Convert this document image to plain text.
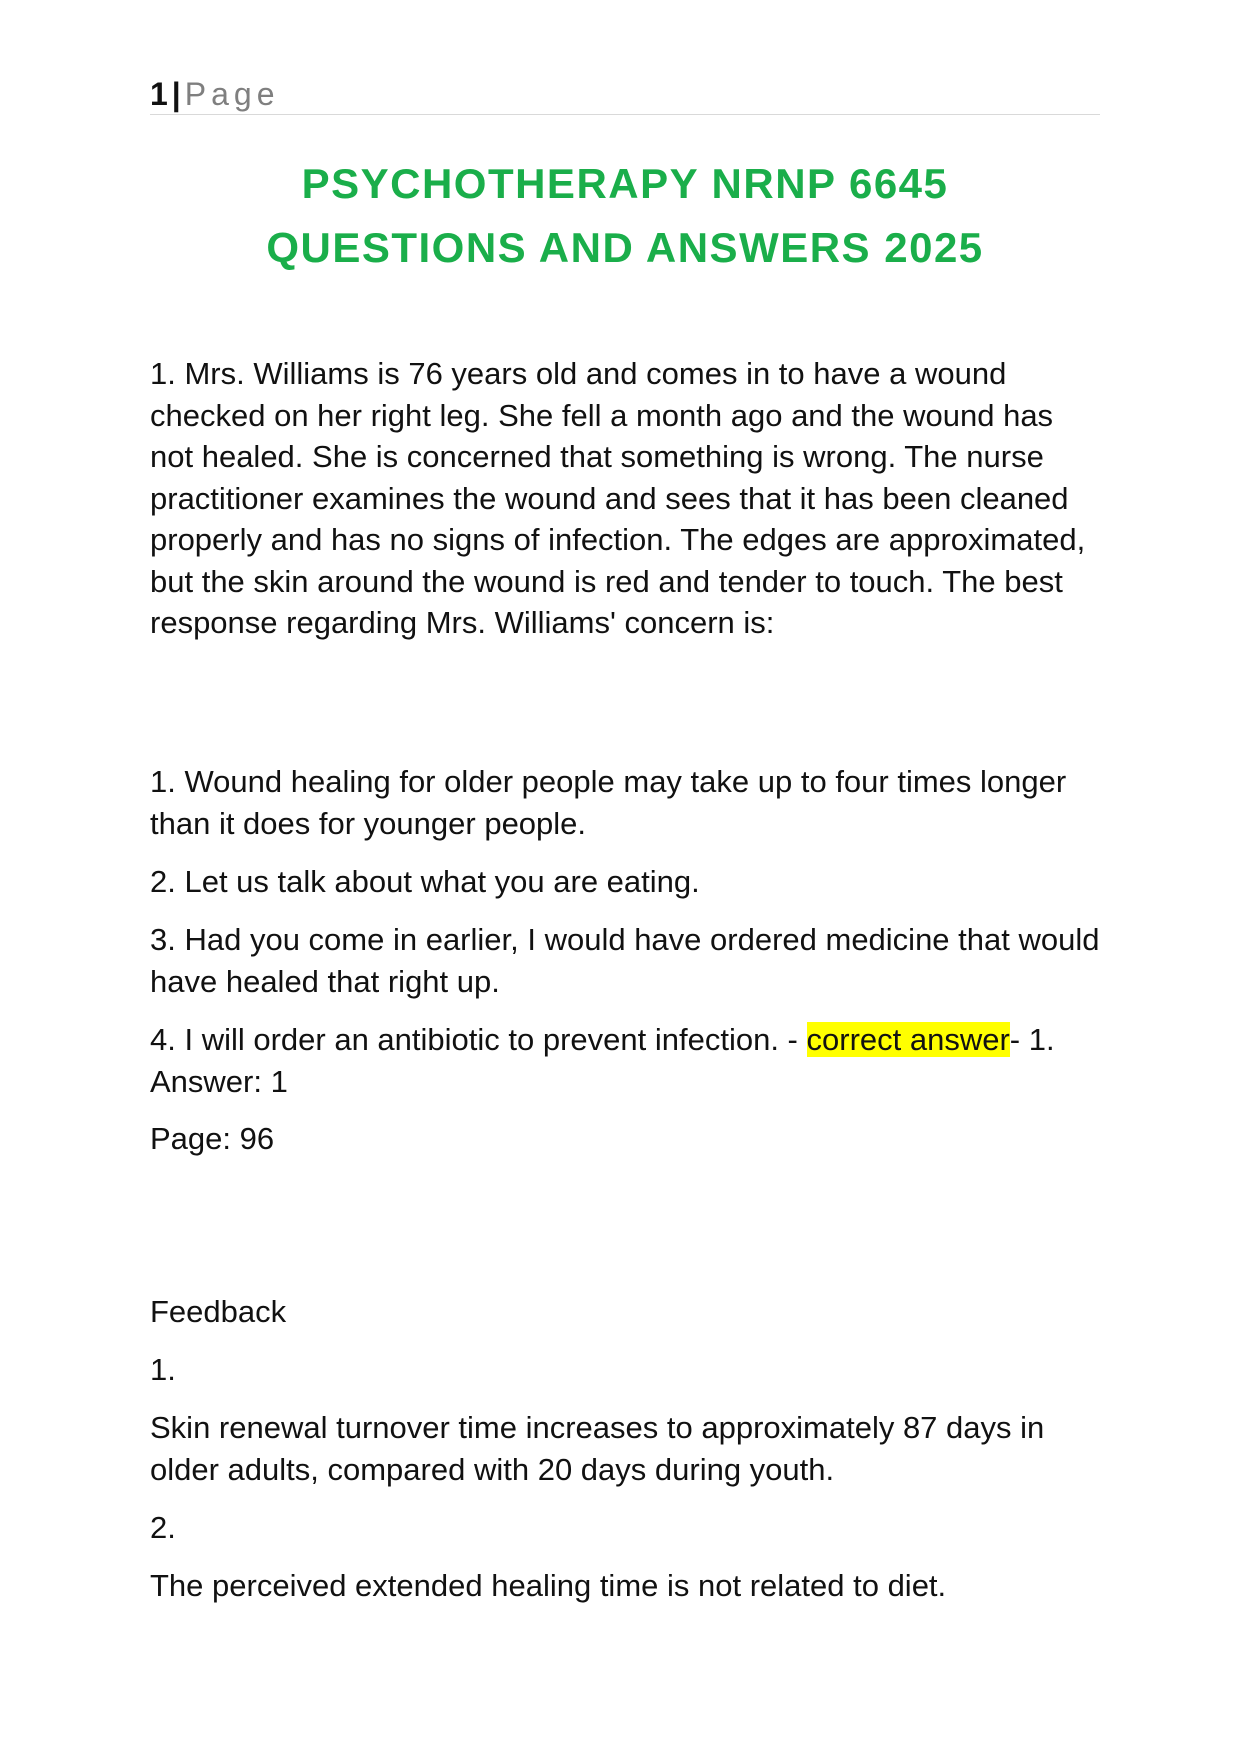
1 | Page
PSYCHOTHERAPY NRNP 6645
QUESTIONS AND ANSWERS 2025
1. Mrs. Williams is 76 years old and comes in to have a wound checked on her right leg. She fell a month ago and the wound has not healed. She is concerned that something is wrong. The nurse practitioner examines the wound and sees that it has been cleaned properly and has no signs of infection. The edges are approximated, but the skin around the wound is red and tender to touch. The best response regarding Mrs. Williams' concern is:
1. Wound healing for older people may take up to four times longer than it does for younger people.
2. Let us talk about what you are eating.
3. Had you come in earlier, I would have ordered medicine that would have healed that right up.
4. I will order an antibiotic to prevent infection. - correct answer- 1. Answer: 1
Page: 96
Feedback
1.
Skin renewal turnover time increases to approximately 87 days in older adults, compared with 20 days during youth.
2.
The perceived extended healing time is not related to diet.
